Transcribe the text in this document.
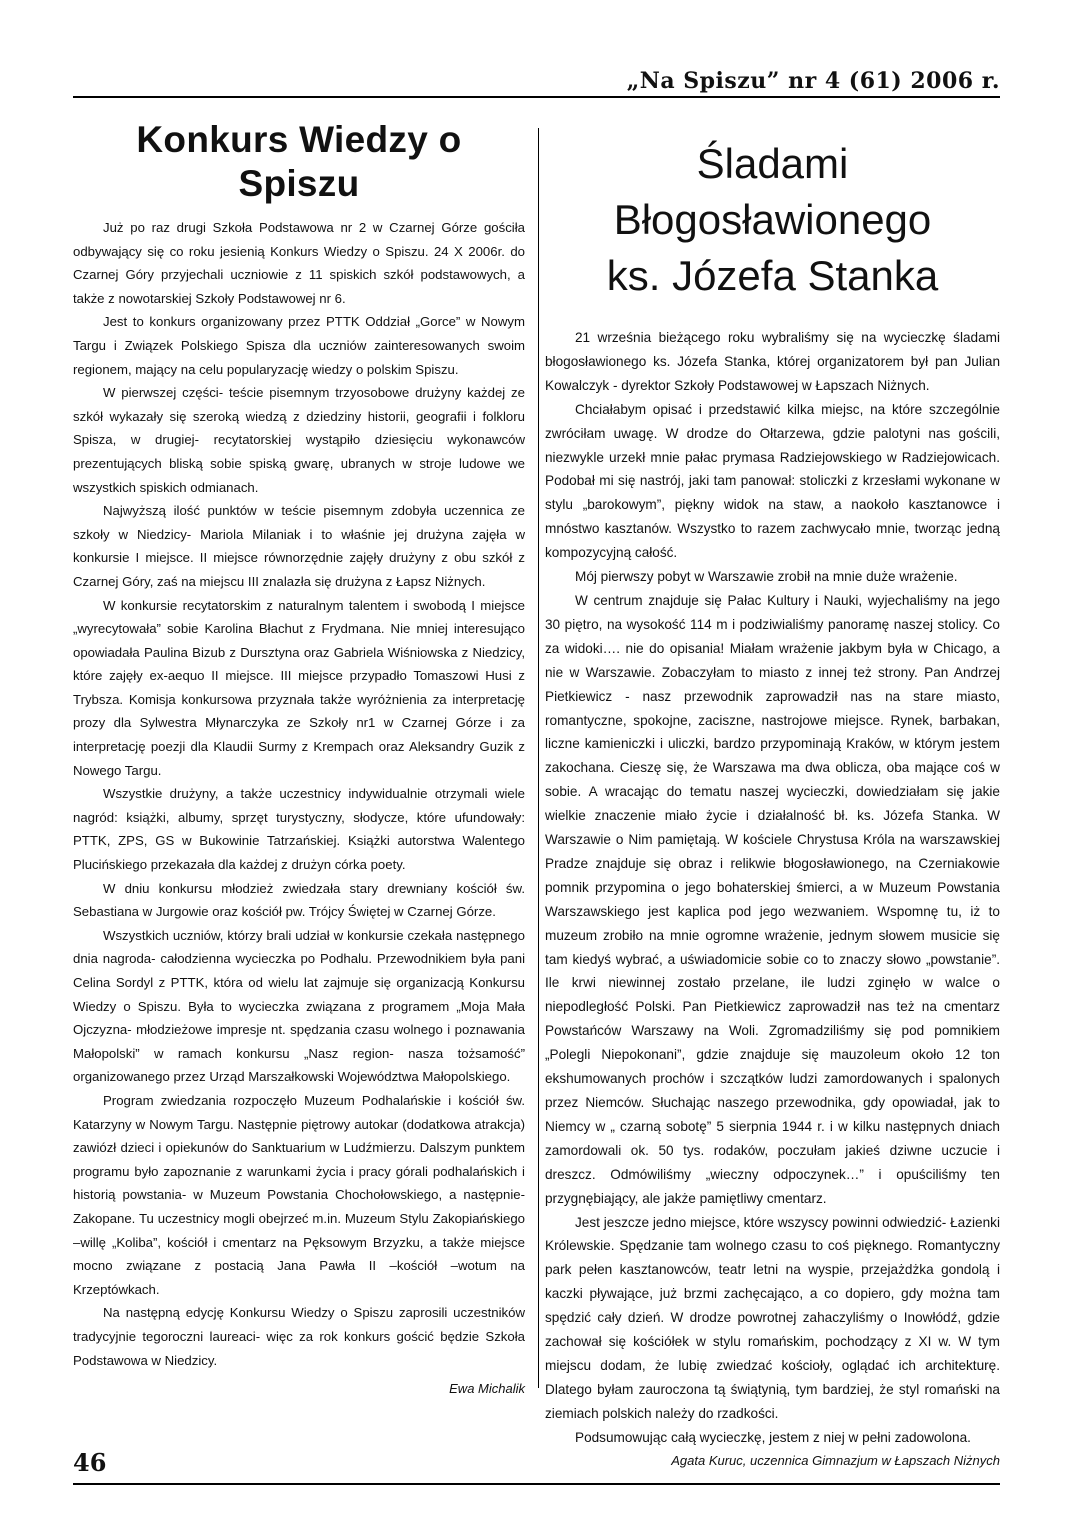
„Na Spiszu” nr 4 (61) 2006 r.
Konkurs Wiedzy o Spiszu

Już po raz drugi Szkoła Podstawowa nr 2 w Czarnej Górze gościła odbywający się co roku jesienią Konkurs Wiedzy o Spiszu. 24 X 2006r. do Czarnej Góry przyjechali uczniowie z 11 spiskich szkół podstawowych, a także z nowotarskiej Szkoły Podstawowej nr 6.

Jest to konkurs organizowany przez PTTK Oddział „Gorce” w Nowym Targu i Związek Polskiego Spisza dla uczniów zainteresowanych swoim regionem, mający na celu popularyzację wiedzy o polskim Spiszu.

W pierwszej części- teście pisemnym trzyosobowe drużyny każdej ze szkół wykazały się szeroką wiedzą z dziedziny historii, geografii i folkloru Spisza, w drugiej- recytatorskiej wystąpiło dziesięciu wykonawców prezentujących bliską sobie spiską gwarę, ubranych w stroje ludowe we wszystkich spiskich odmianach.

Najwyższą ilość punktów w teście pisemnym zdobyła uczennica ze szkoły w Niedzicy- Mariola Milaniak i to właśnie jej drużyna zajęła w konkursie I miejsce. II miejsce równorzędnie zajęły drużyny z obu szkół z Czarnej Góry, zaś na miejscu III znalazła się drużyna z Łapsz Niżnych.

W konkursie recytatorskim z naturalnym talentem i swobodą I miejsce „wyrecytowała” sobie Karolina Błachut z Frydmana. Nie mniej interesująco opowiadała Paulina Bizub z Dursztyna oraz Gabriela Wiśniowska z Niedzicy, które zajęły ex-aequo II miejsce. III miejsce przypadło Tomaszowi Husi z Trybsza. Komisja konkursowa przyznała także wyróżnienia za interpretację prozy dla Sylwestra Młynarczyka ze Szkoły nr1 w Czarnej Górze i za interpretację poezji dla Klaudii Surmy z Krempach oraz Aleksandry Guzik z Nowego Targu.

Wszystkie drużyny, a także uczestnicy indywidualnie otrzymali wiele nagród: książki, albumy, sprzęt turystyczny, słodycze, które ufundowały: PTTK, ZPS, GS w Bukowinie Tatrzańskiej. Książki autorstwa Walentego Plucińskiego przekazała dla każdej z drużyn córka poety.

W dniu konkursu młodzież zwiedzała stary drewniany kościół św. Sebastiana w Jurgowie oraz kościół pw. Trójcy Świętej w Czarnej Górze.

Wszystkich uczniów, którzy brali udział w konkursie czekała następnego dnia nagroda- całodzienna wycieczka po Podhalu. Przewodnikiem była pani Celina Sordyl z PTTK, która od wielu lat zajmuje się organizacją Konkursu Wiedzy o Spiszu. Była to wycieczka związana z programem „Moja Mała Ojczyzna- młodzieżowe impresje nt. spędzania czasu wolnego i poznawania Małopolski” w ramach konkursu „Nasz region- nasza tożsamość” organizowanego przez Urząd Marszałkowski Województwa Małopolskiego.

Program zwiedzania rozpoczęło Muzeum Podhalańskie i kościół św. Katarzyny w Nowym Targu. Następnie piętrowy autokar (dodatkowa atrakcja) zawiózł dzieci i opiekunów do Sanktuarium w Ludźmierzu. Dalszym punktem programu było zapoznanie z warunkami życia i pracy górali podhalańskich i historią powstania- w Muzeum Powstania Chochołowskiego, a następnie- Zakopane. Tu uczestnicy mogli obejrzeć m.in. Muzeum Stylu Zakopiańskiego –willę „Koliba”, kościół i cmentarz na Pęksowym Brzyzku, a także miejsce mocno związane z postacią Jana Pawła II –kościół –wotum na Krzeptówkach.

Na następną edycję Konkursu Wiedzy o Spiszu zaprosili uczestników tradycyjnie tegoroczni laureaci- więc za rok konkurs gościć będzie Szkoła Podstawowa w Niedzicy.

Ewa Michalik
Śladami Błogosławionego
ks. Józefa Stanka

21 września bieżącego roku wybraliśmy się na wycieczkę śladami błogosławionego ks. Józefa Stanka, której organizatorem był pan Julian Kowalczyk - dyrektor Szkoły Podstawowej w Łapszach Niżnych.

Chciałabym opisać i przedstawić kilka miejsc, na które szczególnie zwróciłam uwagę. W drodze do Ołtarzewa, gdzie palotyni nas gościli, niezwykle urzekł mnie pałac prymasa Radziejowskiego w Radziejowicach. Podobał mi się nastrój, jaki tam panował: stoliczki z krzesłami wykonane w stylu „barokowym”, piękny widok na staw, a naokoło kasztanowce i mnóstwo kasztanów. Wszystko to razem zachwycało mnie, tworząc jedną kompozycyjną całość.

Mój pierwszy pobyt w Warszawie zrobił na mnie duże wrażenie.

W centrum znajduje się Pałac Kultury i Nauki, wyjechaliśmy na jego 30 piętro, na wysokość 114 m i podziwialiśmy panoramę naszej stolicy. Co za widoki…. nie do opisania! Miałam wrażenie jakbym była w Chicago, a nie w Warszawie. Zobaczyłam to miasto z innej też strony. Pan Andrzej Pietkiewicz - nasz przewodnik zaprowadził nas na stare miasto, romantyczne, spokojne, zaciszne, nastrojowe miejsce. Rynek, barbakan, liczne kamieniczki i uliczki, bardzo przypominają Kraków, w którym jestem zakochana. Cieszę się, że Warszawa ma dwa oblicza, oba mające coś w sobie. A wracając do tematu naszej wycieczki, dowiedziałam się jakie wielkie znaczenie miało życie i działalność bł. ks. Józefa Stanka. W Warszawie o Nim pamiętają. W kościele Chrystusa Króla na warszawskiej Pradze znajduje się obraz i relikwie błogosławionego, na Czerniakowie pomnik przypomina o jego bohaterskiej śmierci, a w Muzeum Powstania Warszawskiego jest kaplica pod jego wezwaniem. Wspomnę tu, iż to muzeum zrobiło na mnie ogromne wrażenie, jednym słowem musicie się tam kiedyś wybrać, a uświadomicie sobie co to znaczy słowo „powstanie”. Ile krwi niewinnej zostało przelane, ile ludzi zginęło w walce o niepodległość Polski. Pan Pietkiewicz zaprowadził nas też na cmentarz Powstańców Warszawy na Woli. Zgromadziliśmy się pod pomnikiem „Polegli Niepokonani”, gdzie znajduje się mauzoleum około 12 ton ekshumowanych prochów i szczątków ludzi zamordowanych i spalonych przez Niemców. Słuchając naszego przewodnika, gdy opowiadał, jak to Niemcy w „ czarną sobotę” 5 sierpnia 1944 r. i w kilku następnych dniach zamordowali ok. 50 tys. rodaków, poczułam jakieś dziwne uczucie i dreszcz. Odmówiliśmy „wieczny odpoczynek…” i opuściliśmy ten przygnębiający, ale jakże pamiętliwy cmentarz.

Jest jeszcze jedno miejsce, które wszyscy powinni odwiedzić- Łazienki Królewskie. Spędzanie tam wolnego czasu to coś pięknego. Romantyczny park pełen kasztanowców, teatr letni na wyspie, przejażdżka gondolą i kaczki pływające, już brzmi zachęcająco, a co dopiero, gdy można tam spędzić cały dzień. W drodze powrotnej zahaczyliśmy o Inowłódź, gdzie zachował się kościółek w stylu romańskim, pochodzący z XI w. W tym miejscu dodam, że lubię zwiedzać kościoły, oglądać ich architekturę. Dlatego byłam zauroczona tą świątynią, tym bardziej, że styl romański na ziemiach polskich należy do rzadkości.

Podsumowując całą wycieczkę, jestem z niej w pełni zadowolona.

Agata Kuruc, uczennica Gimnazjum w Łapszach Niżnych
46
